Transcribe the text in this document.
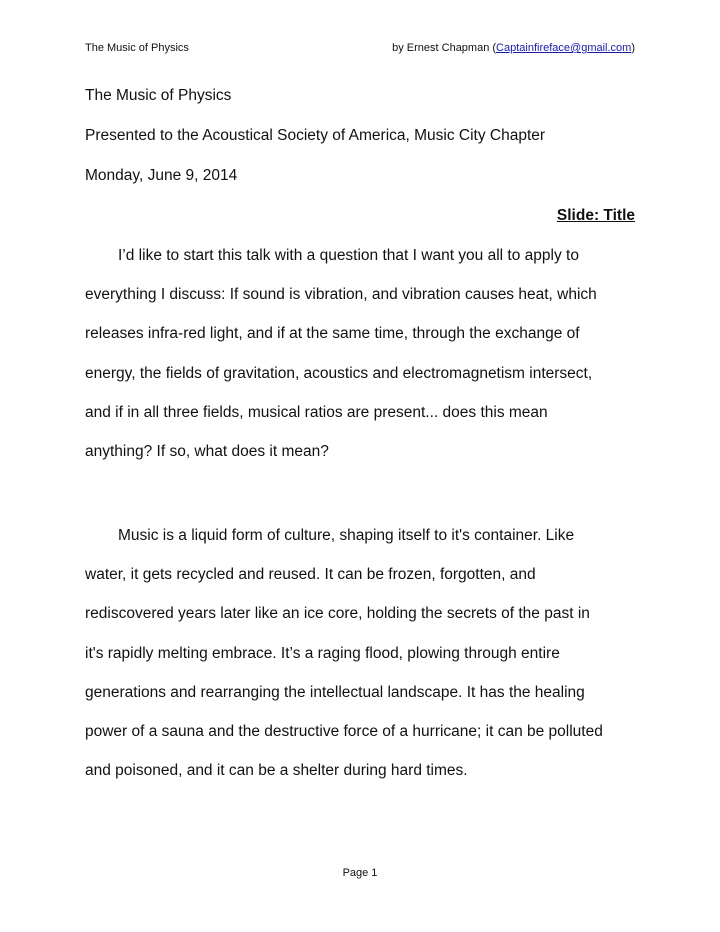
The Music of Physics	by Ernest Chapman (Captainfireface@gmail.com)
The Music of Physics
Presented to the Acoustical Society of America, Music City Chapter
Monday, June 9, 2014
Slide: Title
I’d like to start this talk with a question that I want you all to apply to
everything I discuss: If sound is vibration, and vibration causes heat, which
releases infra-red light, and if at the same time, through the exchange of
energy, the fields of gravitation, acoustics and electromagnetism intersect,
and if in all three fields, musical ratios are present... does this mean
anything? If so, what does it mean?
Music is a liquid form of culture, shaping itself to it's container. Like
water, it gets recycled and reused. It can be frozen, forgotten, and
rediscovered years later like an ice core, holding the secrets of the past in
it's rapidly melting embrace. It’s a raging flood, plowing through entire
generations and rearranging the intellectual landscape. It has the healing
power of a sauna and the destructive force of a hurricane; it can be polluted
and poisoned, and it can be a shelter during hard times.
Page 1
